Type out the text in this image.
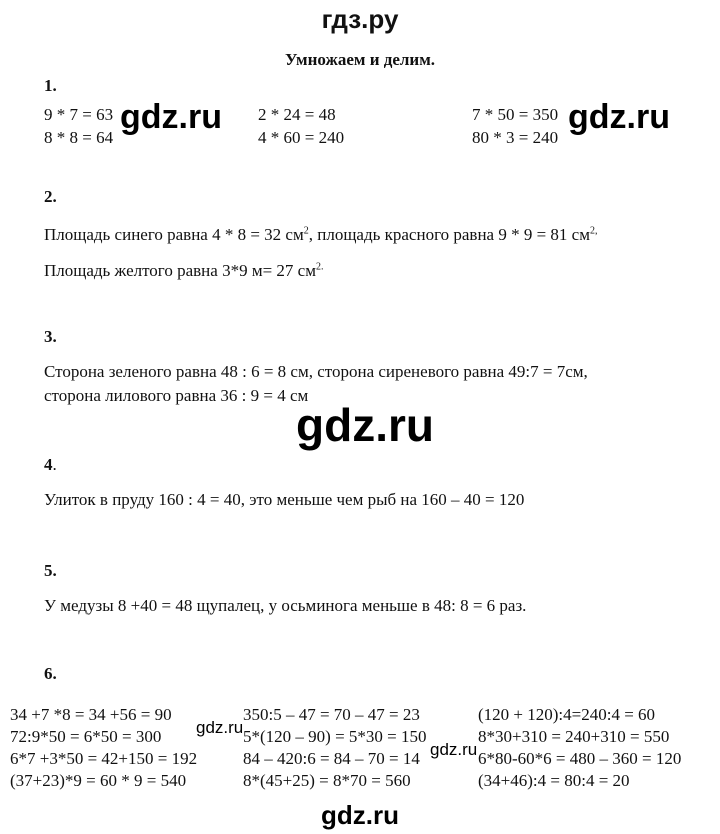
гдз.ру
Умножаем и делим.
1.
9 * 7 = 63
8 * 8 = 64
2 * 24 = 48
4 * 60 = 240
7 * 50 = 350
80 * 3 = 240
gdz.ru	gdz.ru
2.
Площадь синего равна 4 * 8 = 32 $см^2$, площадь красного равна 9 * 9 = 81 $см^{2,}$
Площадь желтого равна 3*9 м= 27 $см^{2.}$
3.
Сторона зеленого равна 48 : 6 = 8 см, сторона сиреневого равна 49:7 = 7см,
сторона лилового равна 36 : 9 = 4 см
gdz.ru
4.
Улиток в пруду 160 : 4 = 40, это меньше чем рыб на 160 – 40 = 120
5.
У медузы 8 +40 = 48 щупалец, у осьминога меньше в 48: 8 = 6 раз.
6.
34 +7 *8 = 34 +56 = 90
72:9*50 = 6*50 = 300
6*7 +3*50 = 42+150 = 192
(37+23)*9 = 60 * 9 = 540
350:5 – 47 = 70 – 47 = 23
5*(120 – 90) = 5*30 = 150
84 – 420:6 = 84 – 70 = 14
8*(45+25) = 8*70 = 560
(120 + 120):4=240:4 = 60
8*30+310 = 240+310 = 550
6*80-60*6 = 480 – 360 = 120
(34+46):4 = 80:4 = 20
gdz.ru
gdz.ru
gdz.ru
